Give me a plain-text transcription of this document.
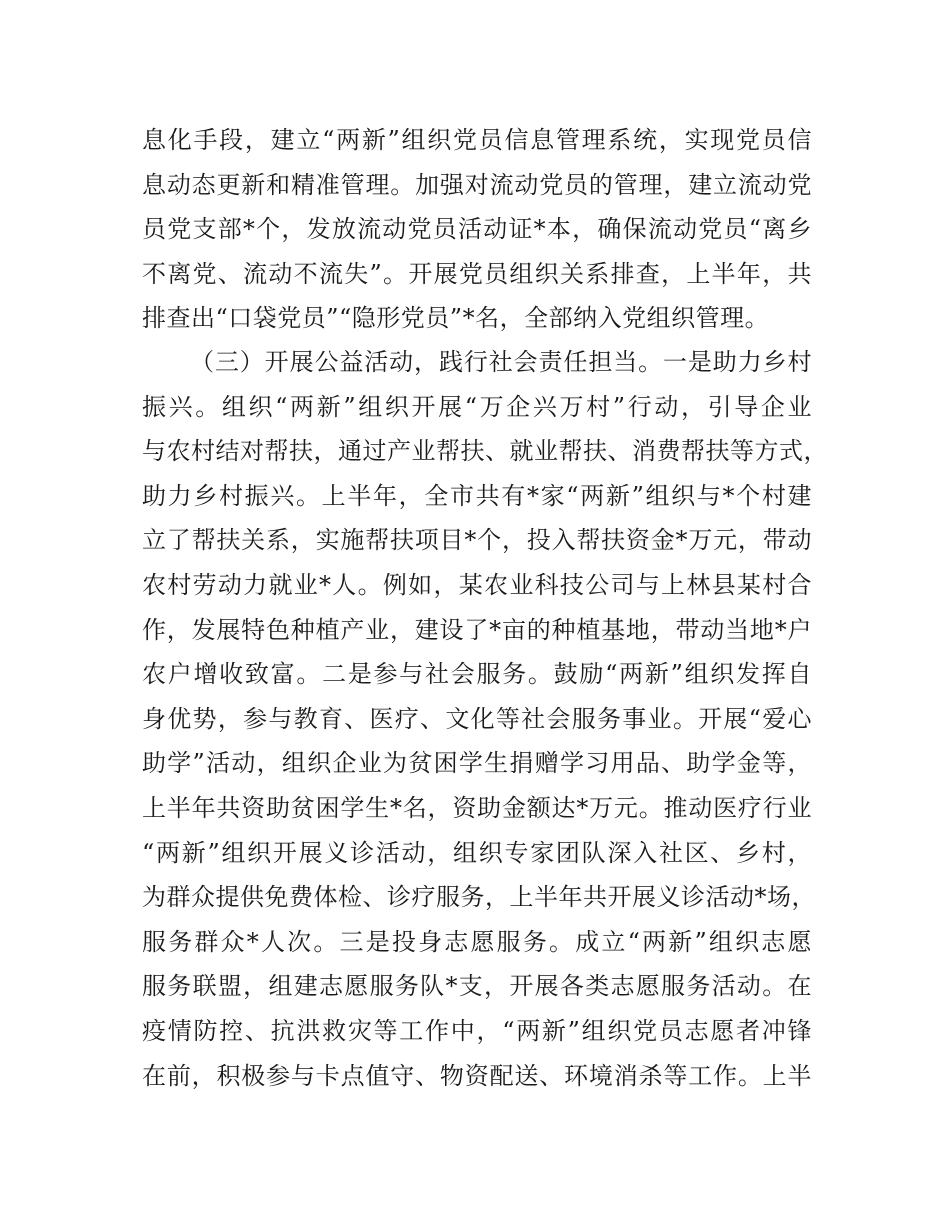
息化手段，建立“两新”组织党员信息管理系统，实现党员信
息动态更新和精准管理。加强对流动党员的管理，建立流动党
员党支部*个，发放流动党员活动证*本，确保流动党员“离乡
不离党、流动不流失”。开展党员组织关系排查，上半年，共
排查出“口袋党员”“隐形党员”*名，全部纳入党组织管理。
（三）开展公益活动，践行社会责任担当。一是助力乡村
振兴。组织“两新”组织开展“万企兴万村”行动，引导企业
与农村结对帮扶，通过产业帮扶、就业帮扶、消费帮扶等方式，
助力乡村振兴。上半年，全市共有*家“两新”组织与*个村建
立了帮扶关系，实施帮扶项目*个，投入帮扶资金*万元，带动
农村劳动力就业*人。例如，某农业科技公司与上林县某村合
作，发展特色种植产业，建设了*亩的种植基地，带动当地*户
农户增收致富。二是参与社会服务。鼓励“两新”组织发挥自
身优势，参与教育、医疗、文化等社会服务事业。开展“爱心
助学”活动，组织企业为贫困学生捐赠学习用品、助学金等，
上半年共资助贫困学生*名，资助金额达*万元。推动医疗行业
“两新”组织开展义诊活动，组织专家团队深入社区、乡村，
为群众提供免费体检、诊疗服务，上半年共开展义诊活动*场，
服务群众*人次。三是投身志愿服务。成立“两新”组织志愿
服务联盟，组建志愿服务队*支，开展各类志愿服务活动。在
疫情防控、抗洪救灾等工作中，“两新”组织党员志愿者冲锋
在前，积极参与卡点值守、物资配送、环境消杀等工作。上半
